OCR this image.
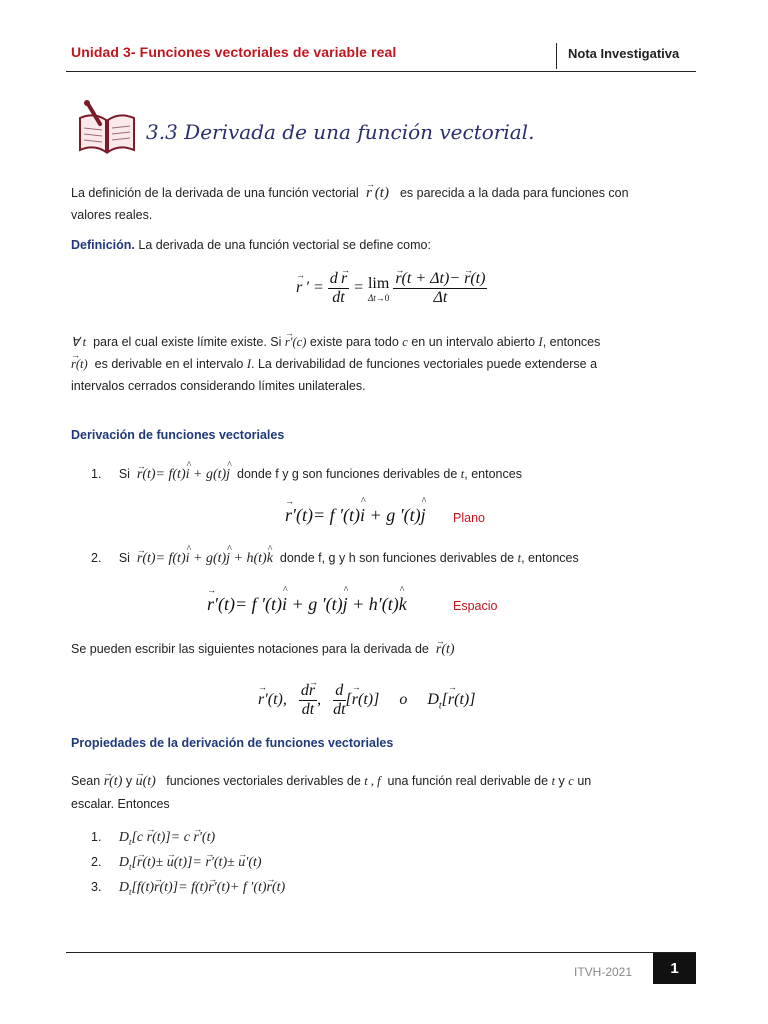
Unidad 3- Funciones vectoriales de variable real	Nota Investigativa
3.3 Derivada de una función vectorial.
La definición de la derivada de una función vectorial → r (t)   es parecida a la dada para funciones con
valores reales.
Definición. La derivada de una función vectorial se define como:
→ r ′ = $\frac{d \to r}{dt} = \lim$
Δt→0
→ $\frac{r(t + \Delta t)- \to r(t)}{\Delta t}$
∀ t para el cual existe límite existe. Si → r′(c) existe para todo c en un intervalo abierto I, entonces
→ r(t) es derivable en el intervalo I. La derivabilidad de funciones vectoriales puede extenderse a
intervalos cerrados considerando límites unilaterales.
Derivación de funciones vectoriales
1. Si → r(t)= f(t)^ i + g(t)^ j donde f y g son funciones derivables de t, entonces
→ r′(t)= f ′(t)^ i + g ′(t)^ j Plano
2. Si → r(t)= f(t)^ i + g(t)^ j + h(t)^ k donde f, g y h son funciones derivables de t, entonces
→ r′(t)= f ′(t)^ i + g ′(t)^ j + h′(t)^ k	Espacio
Se pueden escribir las siguientes notaciones para la derivada de → r(t)
→ r′(t), $\frac{d\to r}{dt}$ , $\frac{d}{dt}$ [→ r(t)]     o     $D_t[\to r(t)]$
Propiedades de la derivación de funciones vectoriales
Sean → r(t) y → u(t) funciones vectoriales derivables de t , f una función real derivable de t y c un
escalar. Entonces
1. $D_t[c \to r(t)]= c \to r'(t)$
2. $D_t[\to r(t)\pm \to u(t)]= \to r'(t)\pm \to u'(t)$
3. $D_t[f(t)\to r(t)]= f(t)\to r'(t)+ f$ ′(t)→ r(t)
ITVH-2021	1
